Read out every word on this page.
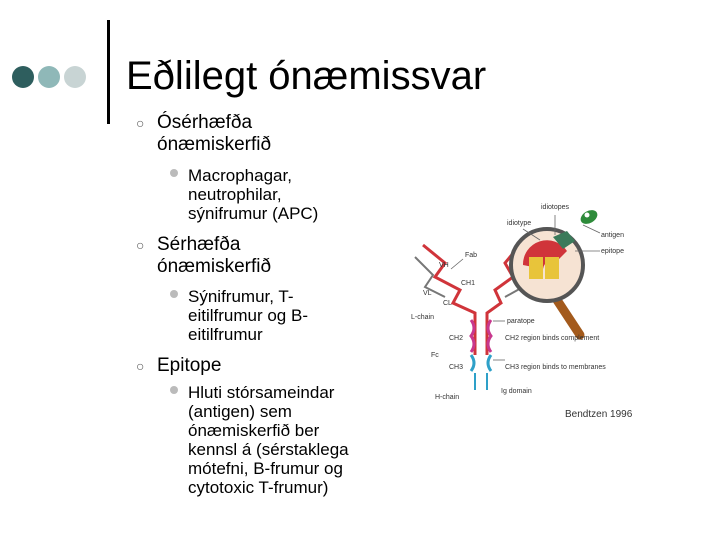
Eðlilegt ónæmissvar
○ Ósérhæfða
ónæmiskerfið
Macrophagar,
neutrophilar,
sýnifrumur (APC)
○ Sérhæfða
ónæmiskerfið
Sýnifrumur, T-
eitilfrumur og B-
eitilfrumur
○ Epitope
Hluti stórsameindar
(antigen) sem
ónæmiskerfið ber
kennsl á (sérstaklega
mótefni, B-frumur og
cytotoxic T-frumur)
idiotopes
idiotype
antigen
epitope
Fab
VH
CH1
VL
CL
L-chain
paratope
CH2	CH2 region binds complement
Fc
CH3	CH3 region binds to membranes
H-chain
Ig domain
Bendtzen 1996
